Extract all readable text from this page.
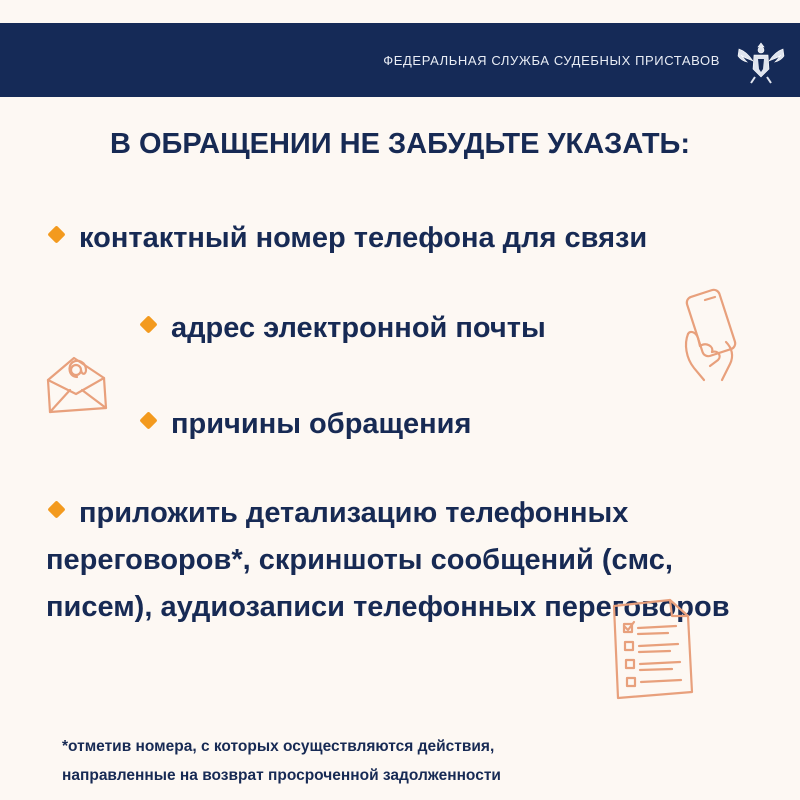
ФЕДЕРАЛЬНАЯ СЛУЖБА СУДЕБНЫХ ПРИСТАВОВ
В ОБРАЩЕНИИ НЕ ЗАБУДЬТЕ УКАЗАТЬ:
контактный номер телефона для связи
адрес электронной почты
причины обращения
приложить детализацию телефонных переговоров*, скриншоты сообщений (смс, писем), аудиозаписи телефонных переговоров
*отметив номера, с которых осуществляются действия,
направленные на возврат просроченной задолженности
